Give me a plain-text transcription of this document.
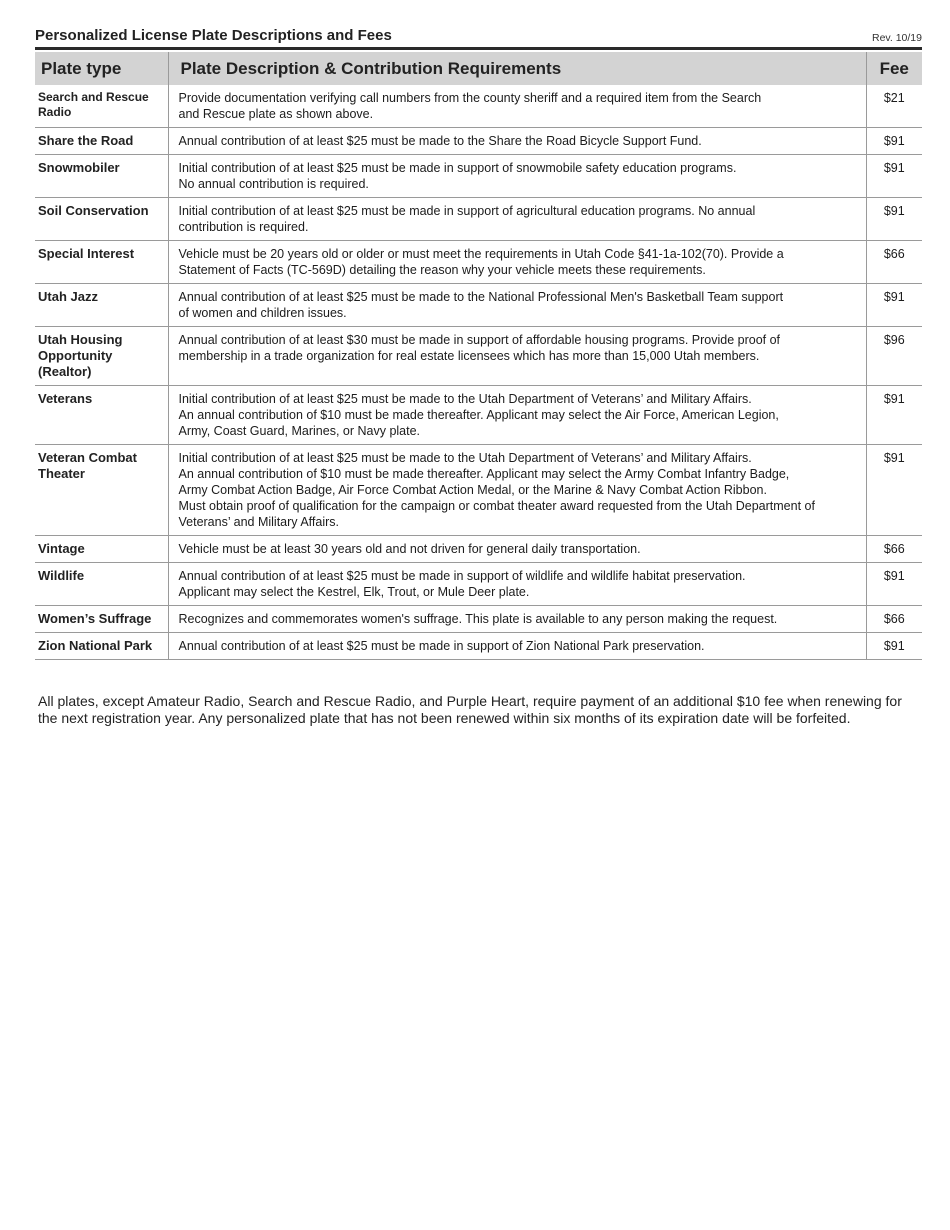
Personalized License Plate Descriptions and Fees	Rev. 10/19
Plate type	Plate Description & Contribution Requirements	Fee
Search and Rescue Radio	Provide documentation verifying call numbers from the county sheriff and a required item from the Search
and Rescue plate as shown above.	$21
Share the Road	Annual contribution of at least $25 must be made to the Share the Road Bicycle Support Fund.	$91
Snowmobiler	Initial contribution of at least $25 must be made in support of snowmobile safety education programs.
No annual contribution is required.	$91
Soil Conservation	Initial contribution of at least $25 must be made in support of agricultural education programs. No annual
contribution is required.	$91
Special Interest	Vehicle must be 20 years old or older or must meet the requirements in Utah Code §41-1a-102(70). Provide a
Statement of Facts (TC-569D) detailing the reason why your vehicle meets these requirements.	$66
Utah Jazz	Annual contribution of at least $25 must be made to the National Professional Men's Basketball Team support
of women and children issues.	$91
Utah Housing Opportunity (Realtor)	Annual contribution of at least $30 must be made in support of affordable housing programs. Provide proof of
membership in a trade organization for real estate licensees which has more than 15,000 Utah members.	$96
Veterans	Initial contribution of at least $25 must be made to the Utah Department of Veterans’ and Military Affairs.
An annual contribution of $10 must be made thereafter. Applicant may select the Air Force, American Legion,
Army, Coast Guard, Marines, or Navy plate.	$91
Veteran Combat Theater	Initial contribution of at least $25 must be made to the Utah Department of Veterans’ and Military Affairs.
An annual contribution of $10 must be made thereafter. Applicant may select the Army Combat Infantry Badge,
Army Combat Action Badge, Air Force Combat Action Medal, or the Marine & Navy Combat Action Ribbon.
Must obtain proof of qualification for the campaign or combat theater award requested from the Utah Department of
Veterans’ and Military Affairs.	$91
Vintage	Vehicle must be at least 30 years old and not driven for general daily transportation.	$66
Wildlife	Annual contribution of at least $25 must be made in support of wildlife and wildlife habitat preservation.
Applicant may select the Kestrel, Elk, Trout, or Mule Deer plate.	$91
Women’s Suffrage	Recognizes and commemorates women's suffrage. This plate is available to any person making the request.	$66
Zion National Park	Annual contribution of at least $25 must be made in support of Zion National Park preservation.	$91

All plates, except Amateur Radio, Search and Rescue Radio, and Purple Heart, require payment of an additional $10 fee when renewing for the next registration year. Any personalized plate that has not been renewed within six months of its expiration date will be forfeited.
